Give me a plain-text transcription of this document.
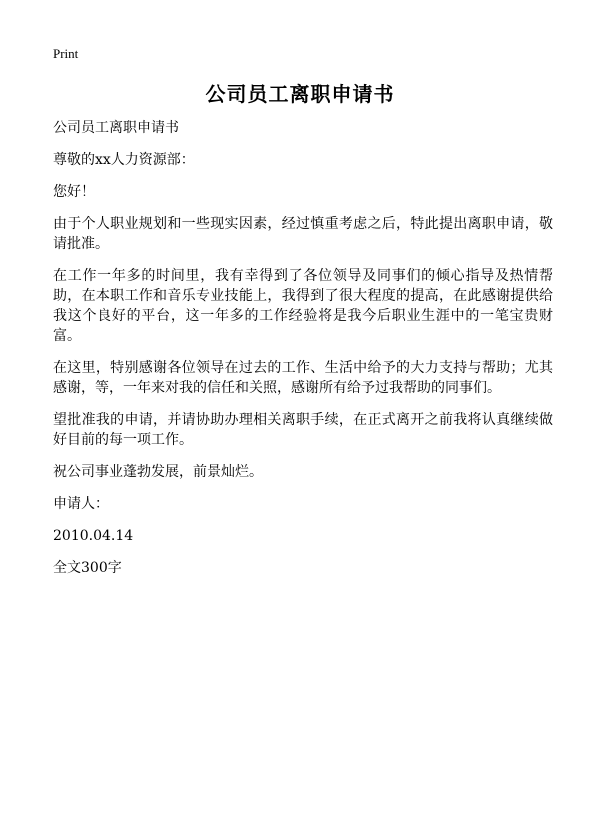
Print
公司员工离职申请书

公司员工离职申请书

尊敬的xx人力资源部：

您好！

由于个人职业规划和一些现实因素，经过慎重考虑之后，特此提出离职申请，敬请批准。

在工作一年多的时间里，我有幸得到了各位领导及同事们的倾心指导及热情帮助，在本职工作和音乐专业技能上，我得到了很大程度的提高，在此感谢提供给我这个良好的平台，这一年多的工作经验将是我今后职业生涯中的一笔宝贵财富。

在这里，特别感谢各位领导在过去的工作、生活中给予的大力支持与帮助；尤其感谢，等，一年来对我的信任和关照，感谢所有给予过我帮助的同事们。

望批准我的申请，并请协助办理相关离职手续，在正式离开之前我将认真继续做好目前的每一项工作。

祝公司事业蓬勃发展，前景灿烂。

申请人：

2010.04.14

全文300字
